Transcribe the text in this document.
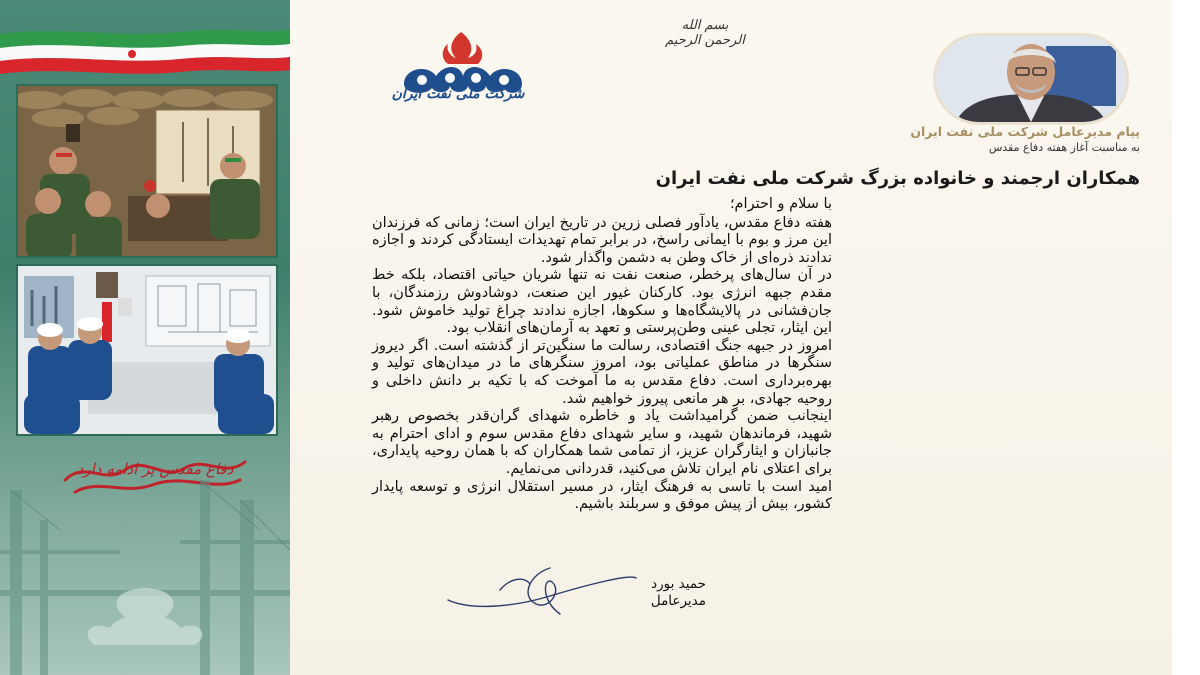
دفاع مقدس پر ادامه دارد
بسم الله الرحمن الرحیم
شرکت ملی نفت ایران
پیام مدیرعامل شرکت ملی نفت ایران
به مناسبت آغاز هفته دفاع مقدس
همکاران ارجمند و خانواده بزرگ شرکت ملی نفت ایران

با سلام و احترام؛

هفته دفاع مقدس، یادآور فصلی زرین در تاریخ ایران است؛ زمانی که فرزندان این مرز و بوم با ایمانی راسخ، در برابر تمام تهدیدات ایستادگی کردند و اجازه ندادند ذره‌ای از خاک وطن به دشمن واگذار شود.

در آن سال‌های پرخطر، صنعت نفت نه تنها شریان حیاتی اقتصاد، بلکه خط مقدم جبهه انرژی بود. کارکنان غیور این صنعت، دوشادوش رزمندگان، با جان‌فشانی در پالایشگاه‌ها و سکوها، اجازه ندادند چراغ تولید خاموش شود. این ایثار، تجلی عینی وطن‌پرستی و تعهد به آرمان‌های انقلاب بود.

امروز در جبهه جنگ اقتصادی، رسالت ما سنگین‌تر از گذشته است. اگر دیروز سنگرها در مناطق عملیاتی بود، امروز سنگرهای ما در میدان‌های تولید و بهره‌برداری است. دفاع مقدس به ما آموخت که با تکیه بر دانش داخلی و روحیه جهادی، بر هر مانعی پیروز خواهیم شد.

اینجانب ضمن گرامیداشت یاد و خاطره شهدای گران‌قدر بخصوص رهبر شهید، فرماندهان شهید، و سایر شهدای دفاع مقدس سوم و ادای احترام به جانبازان و ایثارگران عزیز، از تمامی شما همکاران که با همان روحیه پایداری، برای اعتلای نام ایران تلاش می‌کنید، قدردانی می‌نمایم.

امید است با تاسی به فرهنگ ایثار، در مسیر استقلال انرژی و توسعه پایدار کشور، بیش از پیش موفق و سربلند باشیم.

حمید بورد
مدیرعامل
